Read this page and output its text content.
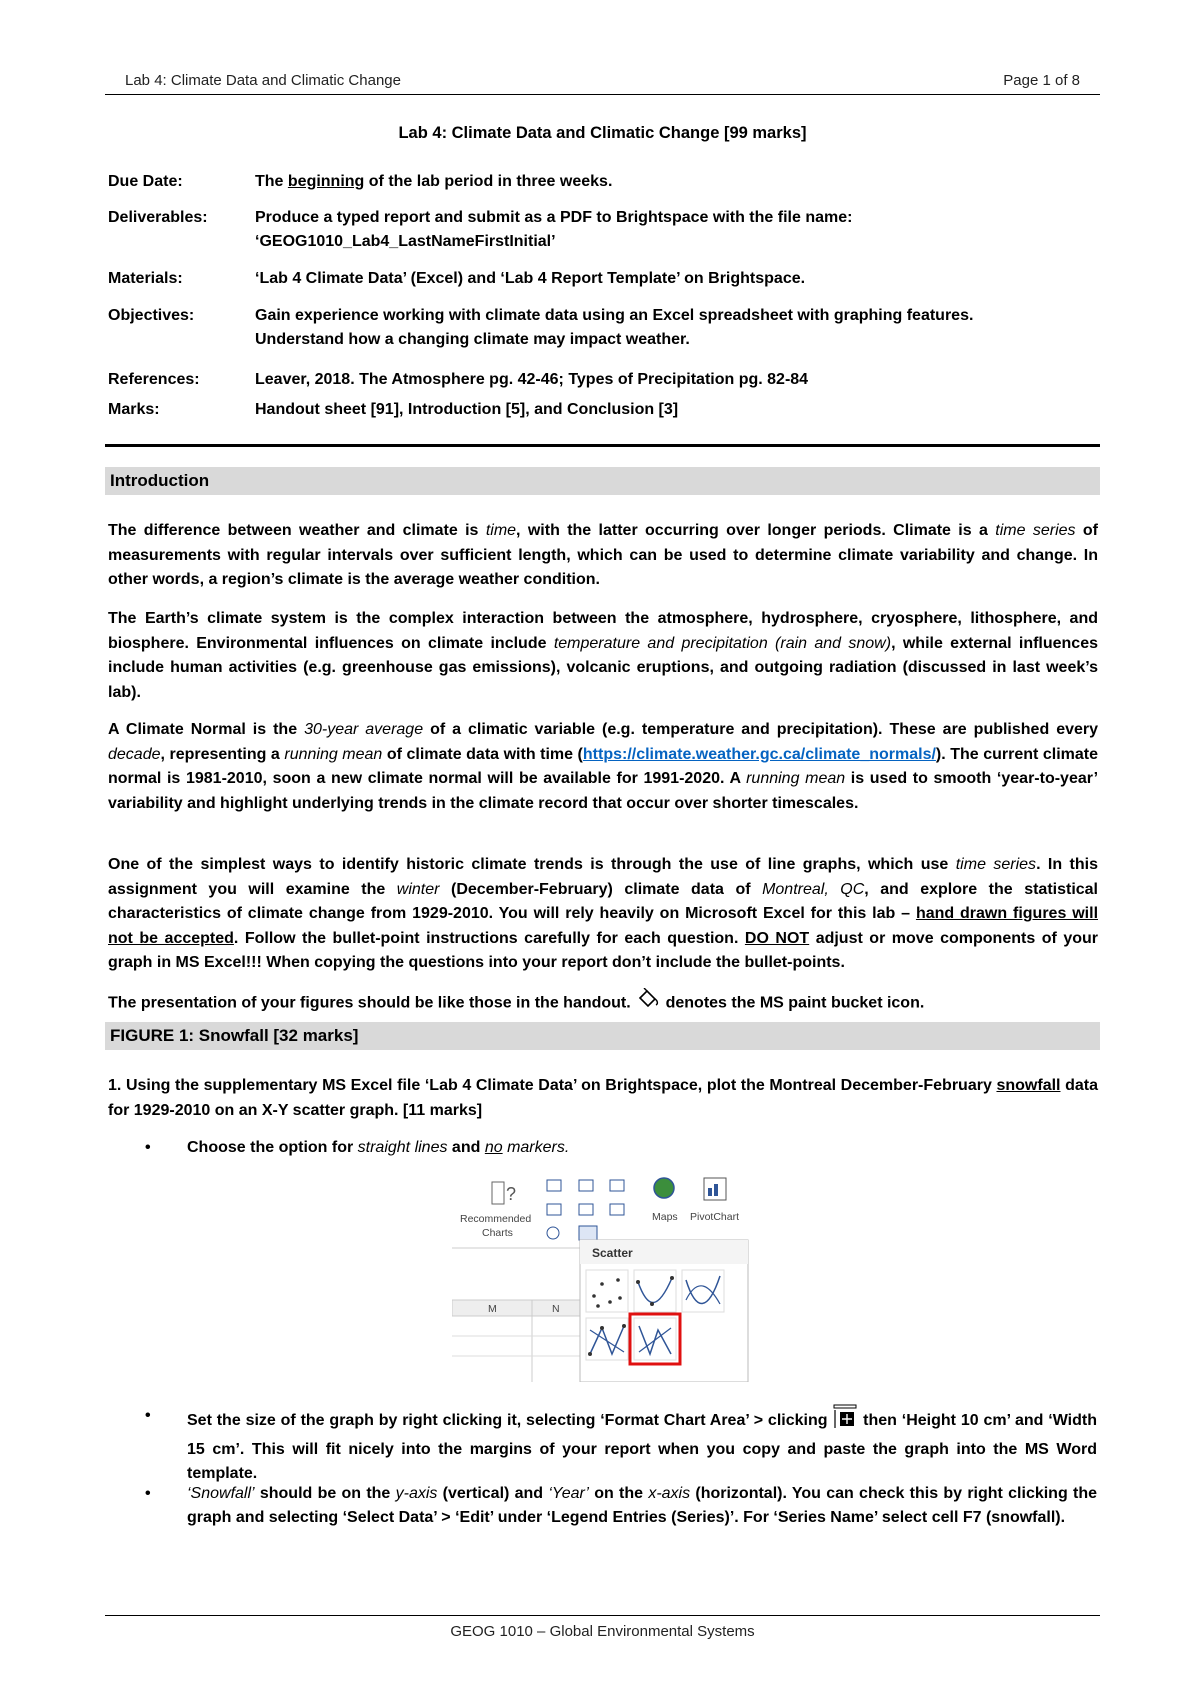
Lab 4: Climate Data and Climatic Change	Page 1 of 8
Lab 4: Climate Data and Climatic Change [99 marks]
Due Date:	The beginning of the lab period in three weeks.
Deliverables:	Produce a typed report and submit as a PDF to Brightspace with the file name:
‘GEOG1010_Lab4_LastNameFirstInitial’
Materials:	‘Lab 4 Climate Data’ (Excel) and ‘Lab 4 Report Template’ on Brightspace.
Objectives:	Gain experience working with climate data using an Excel spreadsheet with graphing features.
Understand how a changing climate may impact weather.
References:	Leaver, 2018. The Atmosphere pg. 42-46; Types of Precipitation pg. 82-84
Marks:	Handout sheet [91], Introduction [5], and Conclusion [3]
Introduction
The difference between weather and climate is time, with the latter occurring over longer periods. Climate is a time series of measurements with regular intervals over sufficient length, which can be used to determine climate variability and change. In other words, a region’s climate is the average weather condition.
The Earth’s climate system is the complex interaction between the atmosphere, hydrosphere, cryosphere, lithosphere, and biosphere. Environmental influences on climate include temperature and precipitation (rain and snow), while external influences include human activities (e.g. greenhouse gas emissions), volcanic eruptions, and outgoing radiation (discussed in last week’s lab).
A Climate Normal is the 30-year average of a climatic variable (e.g. temperature and precipitation). These are published every decade, representing a running mean of climate data with time (https://climate.weather.gc.ca/climate_normals/). The current climate normal is 1981-2010, soon a new climate normal will be available for 1991-2020. A running mean is used to smooth ‘year-to-year’ variability and highlight underlying trends in the climate record that occur over shorter timescales.
One of the simplest ways to identify historic climate trends is through the use of line graphs, which use time series. In this assignment you will examine the winter (December-February) climate data of Montreal, QC, and explore the statistical characteristics of climate change from 1929-2010. You will rely heavily on Microsoft Excel for this lab – hand drawn figures will not be accepted. Follow the bullet-point instructions carefully for each question. DO NOT adjust or move components of your graph in MS Excel!!! When copying the questions into your report don’t include the bullet-points.
The presentation of your figures should be like those in the handout.  denotes the MS paint bucket icon.
FIGURE 1: Snowfall [32 marks]
1. Using the supplementary MS Excel file ‘Lab 4 Climate Data’ on Brightspace, plot the Montreal December-February snowfall data for 1929-2010 on an X-Y scatter graph. [11 marks]
• Choose the option for straight lines and no markers.
• Set the size of the graph by right clicking it, selecting ‘Format Chart Area’ > clicking  then ‘Height 10 cm’ and ‘Width 15 cm’. This will fit nicely into the margins of your report when you copy and paste the graph into the MS Word template.
• ‘Snowfall’ should be on the y-axis (vertical) and ‘Year’ on the x-axis (horizontal). You can check this by right clicking the graph and selecting ‘Select Data’ > ‘Edit’ under ‘Legend Entries (Series)’. For ‘Series Name’ select cell F7 (snowfall).
GEOG 1010 – Global Environmental Systems
?
Recommended
Charts
Maps PivotChart
M	N
Scatter
